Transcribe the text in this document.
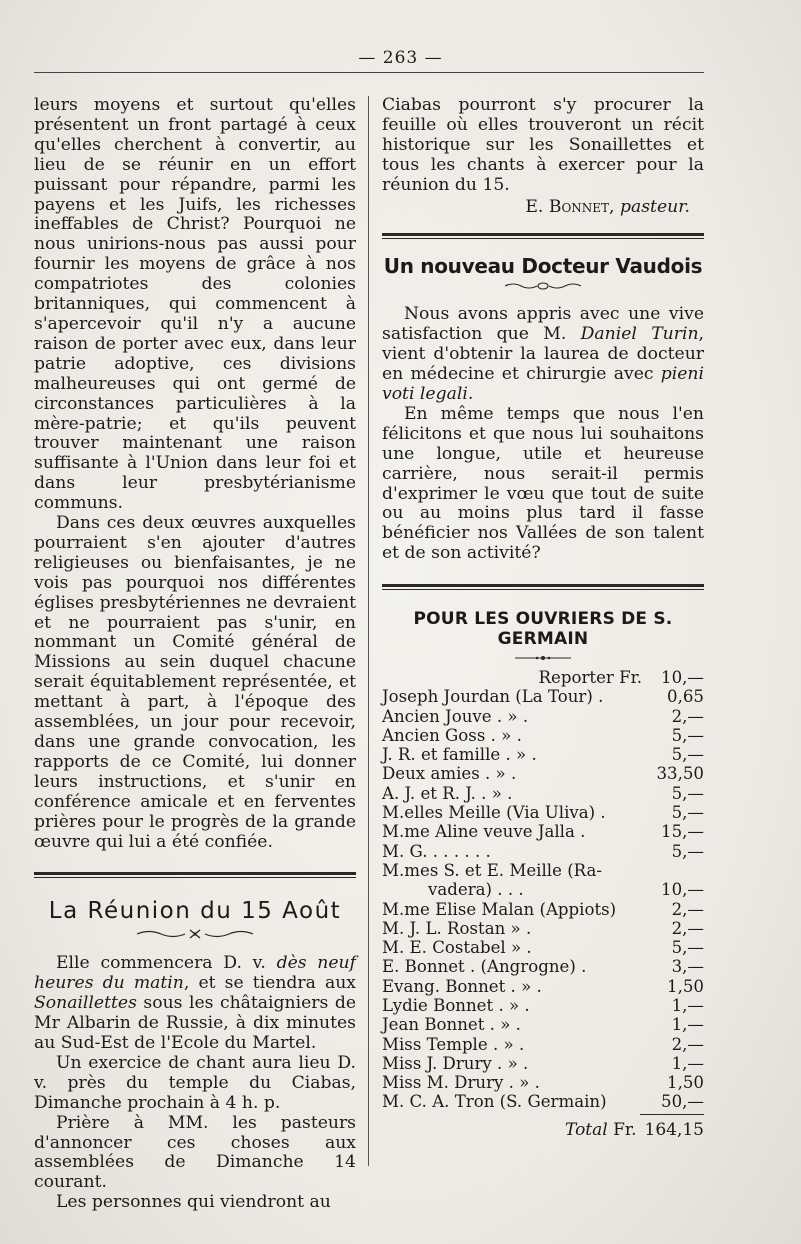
— 263 —

leurs moyens et surtout qu'elles présentent un front partagé à ceux qu'elles cherchent à convertir, au lieu de se réunir en un effort puissant pour répandre, parmi les payens et les Juifs, les richesses ineffables de Christ? Pourquoi ne nous unirions-nous pas aussi pour fournir les moyens de grâce à nos compatriotes des colonies britanniques, qui commencent à s'apercevoir qu'il n'y a aucune raison de porter avec eux, dans leur patrie adoptive, ces divisions malheureuses qui ont germé de circonstances particulières à la mère-patrie; et qu'ils peuvent trouver maintenant une raison suffisante à l'Union dans leur foi et dans leur presbytérianisme communs.

Dans ces deux œuvres auxquelles pourraient s'en ajouter d'autres religieuses ou bienfaisantes, je ne vois pas pourquoi nos différentes églises presbytériennes ne devraient et ne pourraient pas s'unir, en nommant un Comité général de Missions au sein duquel chacune serait équitablement représentée, et mettant à part, à l'époque des assemblées, un jour pour recevoir, dans une grande convocation, les rapports de ce Comité, lui donner leurs instructions, et s'unir en conférence amicale et en ferventes prières pour le progrès de la grande œuvre qui lui a été confiée.

La Réunion du 15 Août

Elle commencera D. v. dès neuf heures du matin, et se tiendra aux Sonaillettes sous les châtaigniers de Mr Albarin de Russie, à dix minutes au Sud-Est de l'Ecole du Martel.

Un exercice de chant aura lieu D. v. près du temple du Ciabas, Dimanche prochain à 4 h. p.

Prière à MM. les pasteurs d'annoncer ces choses aux assemblées de Dimanche 14 courant.

Les personnes qui viendront au

Ciabas pourront s'y procurer la feuille où elles trouveront un récit historique sur les Sonaillettes et tous les chants à exercer pour la réunion du 15.

E. Bonnet, pasteur.
Un nouveau Docteur Vaudois

Nous avons appris avec une vive satisfaction que M. Daniel Turin, vient d'obtenir la laurea de docteur en médecine et chirurgie avec pieni voti legali.

En même temps que nous l'en félicitons et que nous lui souhaitons une longue, utile et heureuse carrière, nous serait-il permis d'exprimer le vœu que tout de suite ou au moins plus tard il fasse bénéficier nos Vallées de son talent et de son activité?

POUR LES OUVRIERS DE S. GERMAIN
Reporter Fr.	10,—
Joseph Jourdan (La Tour) .	0,65
Ancien Jouve . » .	2,—
Ancien Goss . » .	5,—
J. R. et famille . » .	5,—
Deux amies . » .	33,50
A. J. et R. J. . » .	5,—
M.elles Meille (Via Uliva) .	5,—
M.me Aline veuve Jalla .	15,—
M. G. . . . . . .	5,—
M.mes S. et E. Meille (Ra-	
vadera) . . .	10,—
M.me Elise Malan (Appiots)	2,—
M. J. L. Rostan » .	2,—
M. E. Costabel » .	5,—
E. Bonnet . (Angrogne) .	3,—
Evang. Bonnet . » .	1,50
Lydie Bonnet . » .	1,—
Jean Bonnet . » .	1,—
Miss Temple . » .	2,—
Miss J. Drury . » .	1,—
Miss M. Drury . » .	1,50
M. C. A. Tron (S. Germain)	50,—
Total Fr. 164,15
